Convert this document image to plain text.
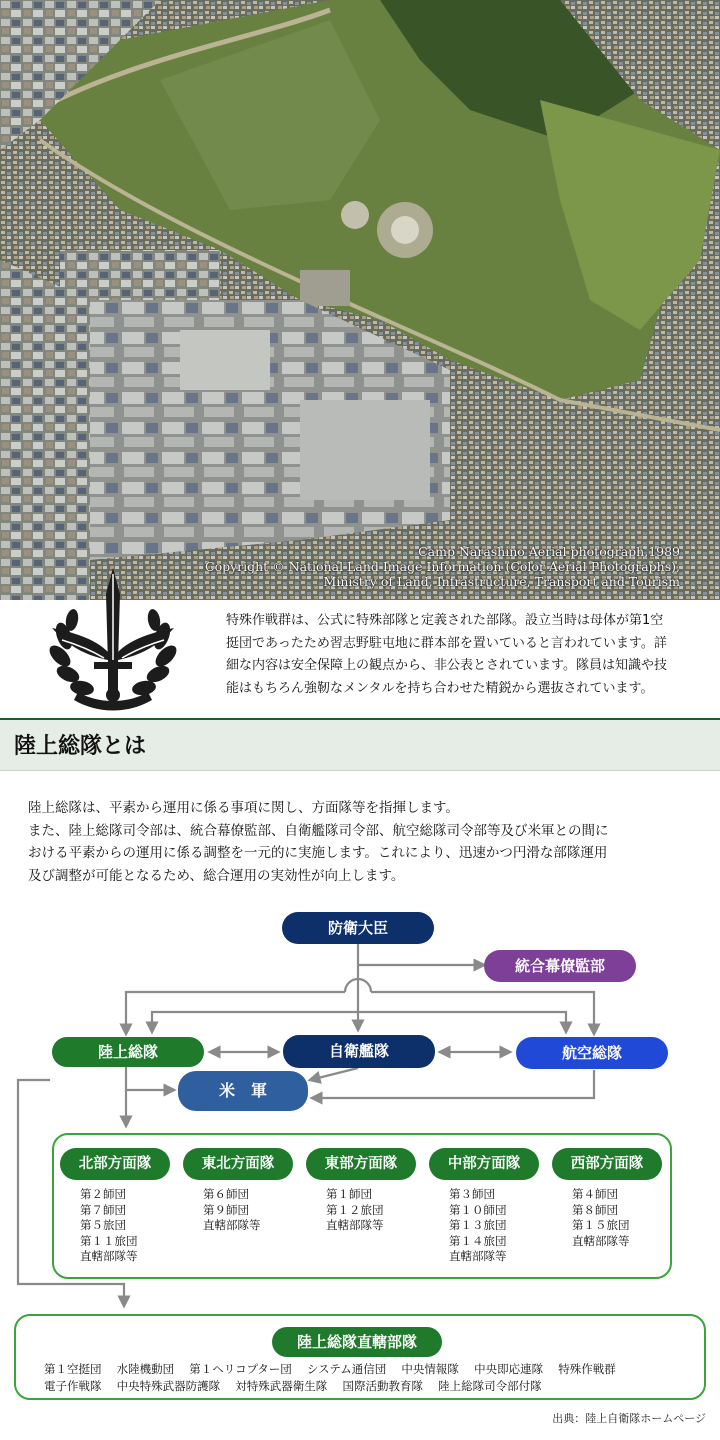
Camp Narashino Aerial photograph,1989
Copyright © National Land Image Information (Color Aerial Photographs),
Ministry of Land, Infrastructure, Transport and Tourism
特殊作戦群は、公式に特殊部隊と定義された部隊。設立当時は母体が第1空
挺団であったため習志野駐屯地に群本部を置いていると言われています。詳
細な内容は安全保障上の観点から、非公表とされています。隊員は知識や技
能はもちろん強靭なメンタルを持ち合わせた精鋭から選抜されています。
陸上総隊とは

陸上総隊は、平素から運用に係る事項に関し、方面隊等を指揮します。

また、陸上総隊司令部は、統合幕僚監部、自衛艦隊司令部、航空総隊司令部等及び米軍との間に

おける平素からの運用に係る調整を一元的に実施します。これにより、迅速かつ円滑な部隊運用

及び調整が可能となるため、総合運用の実効性が向上します。

防衛大臣
統合幕僚監部
陸上総隊	自衛艦隊	航空総隊
米　軍
北部方面隊	東北方面隊	東部方面隊	中部方面隊	西部方面隊
第２師団
第７師団
第５旅団
第１１旅団
直轄部隊等
第６師団
第９師団
直轄部隊等
第１師団
第１２旅団
直轄部隊等
第３師団
第１０師団
第１３旅団
第１４旅団
直轄部隊等
第４師団
第８師団
第１５旅団
直轄部隊等
陸上総隊直轄部隊
第１空挺団　 水陸機動団　 第１ヘリコプター団　 システム通信団　 中央情報隊　 中央即応連隊　 特殊作戦群
電子作戦隊　 中央特殊武器防護隊　 対特殊武器衛生隊　 国際活動教育隊　 陸上総隊司令部付隊
出典：陸上自衛隊ホームページ
